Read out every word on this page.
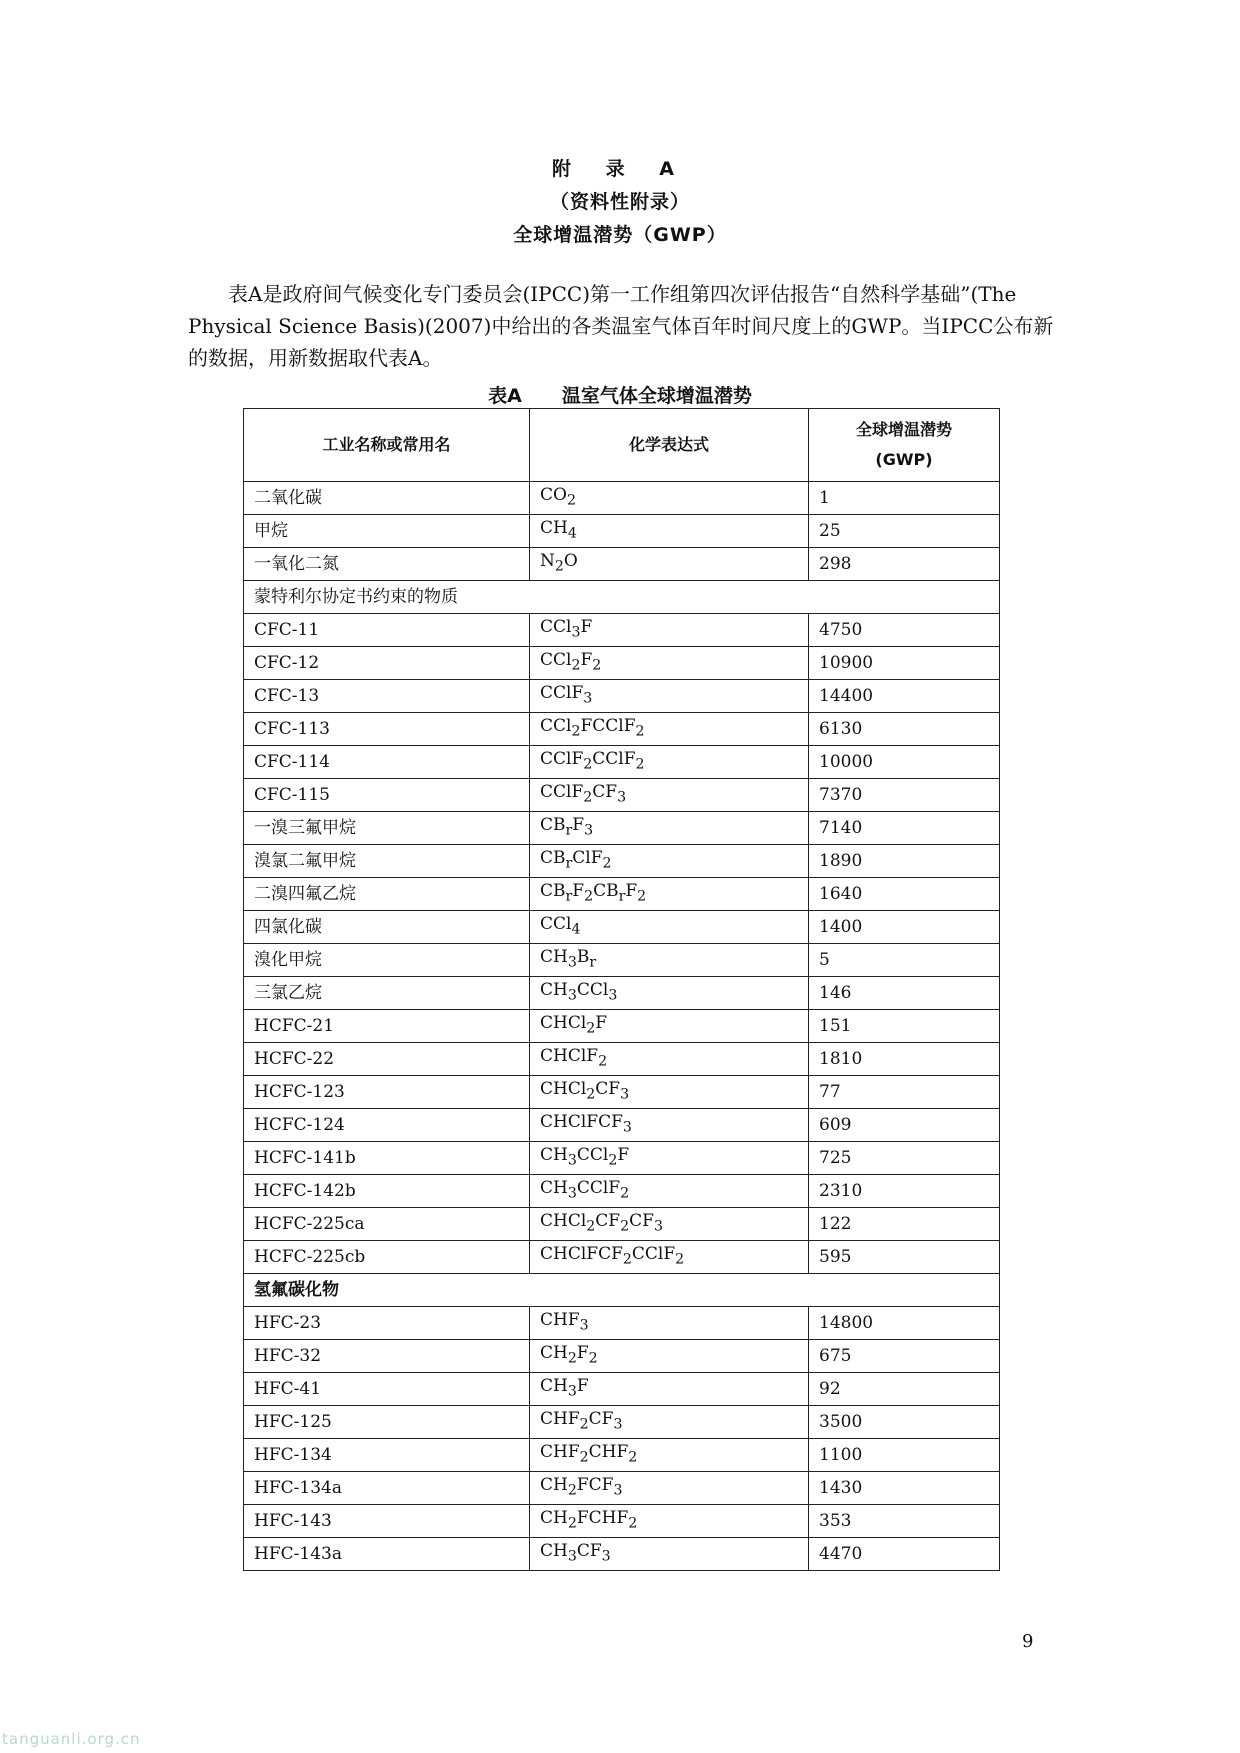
附 录 A
（资料性附录）
全球增温潜势（GWP）

表A是政府间气候变化专门委员会(IPCC)第一工作组第四次评估报告“自然科学基础”(The Physical Science Basis)(2007)中给出的各类温室气体百年时间尺度上的GWP。当IPCC公布新的数据，用新数据取代表A。

表A 温室气体全球增温潜势
工业名称或常用名	化学表达式	全球增温潜势
(GWP)

二氧化碳	$CO_2$	1
甲烷	$CH_4$	25
一氧化二氮	$N_2O$	298
蒙特利尔协定书约束的物质		
CFC-11	CCl$_3$F	4750
CFC-12	$CCl_2F_2$	10900
CFC-13	CClF$_3$	14400
CFC-113	CCl$_2$FCClF$_2$	6130
CFC-114	CClF$_2$CClF$_2$	10000
CFC-115	$CClF_2CF_3$	7370
一溴三氟甲烷	$CB_rF_3$	7140
溴氯二氟甲烷	$CB_rClF_2$	1890
二溴四氟乙烷	$CB_rF_2CB_rF_2$	1640
四氯化碳	CCl$_4$	1400
溴化甲烷	$CH_3B_r$	5
三氯乙烷	$CH_3CCl_3$	146
HCFC-21	CHCl$_2$F	151
HCFC-22	CHClF$_2$	1810
HCFC-123	$CHCl_2CF_3$	77
HCFC-124	CHClFCF$_3$	609
HCFC-141b	$CH_3CCl_2F$	725
HCFC-142b	$CH_3CClF_2$	2310
HCFC-225ca	$CHCl_2CF_2CF_3$	122
HCFC-225cb	CHClFCF$_2$CClF$_2$	595
氢氟碳化物		
HFC-23	$CHF_3$	14800
HFC-32	$CH_2F_2$	675
HFC-41	$CH_3F$	92
HFC-125	$CHF_2CF_3$	3500
HFC-134	$CHF_2CHF_2$	1100
HFC-134a	$CH_2FCF_3$	1430
HFC-143	$CH_2FCHF_2$	353
HFC-143a	$CH_3CF_3$	4470
9
tanguanli.org.cn
